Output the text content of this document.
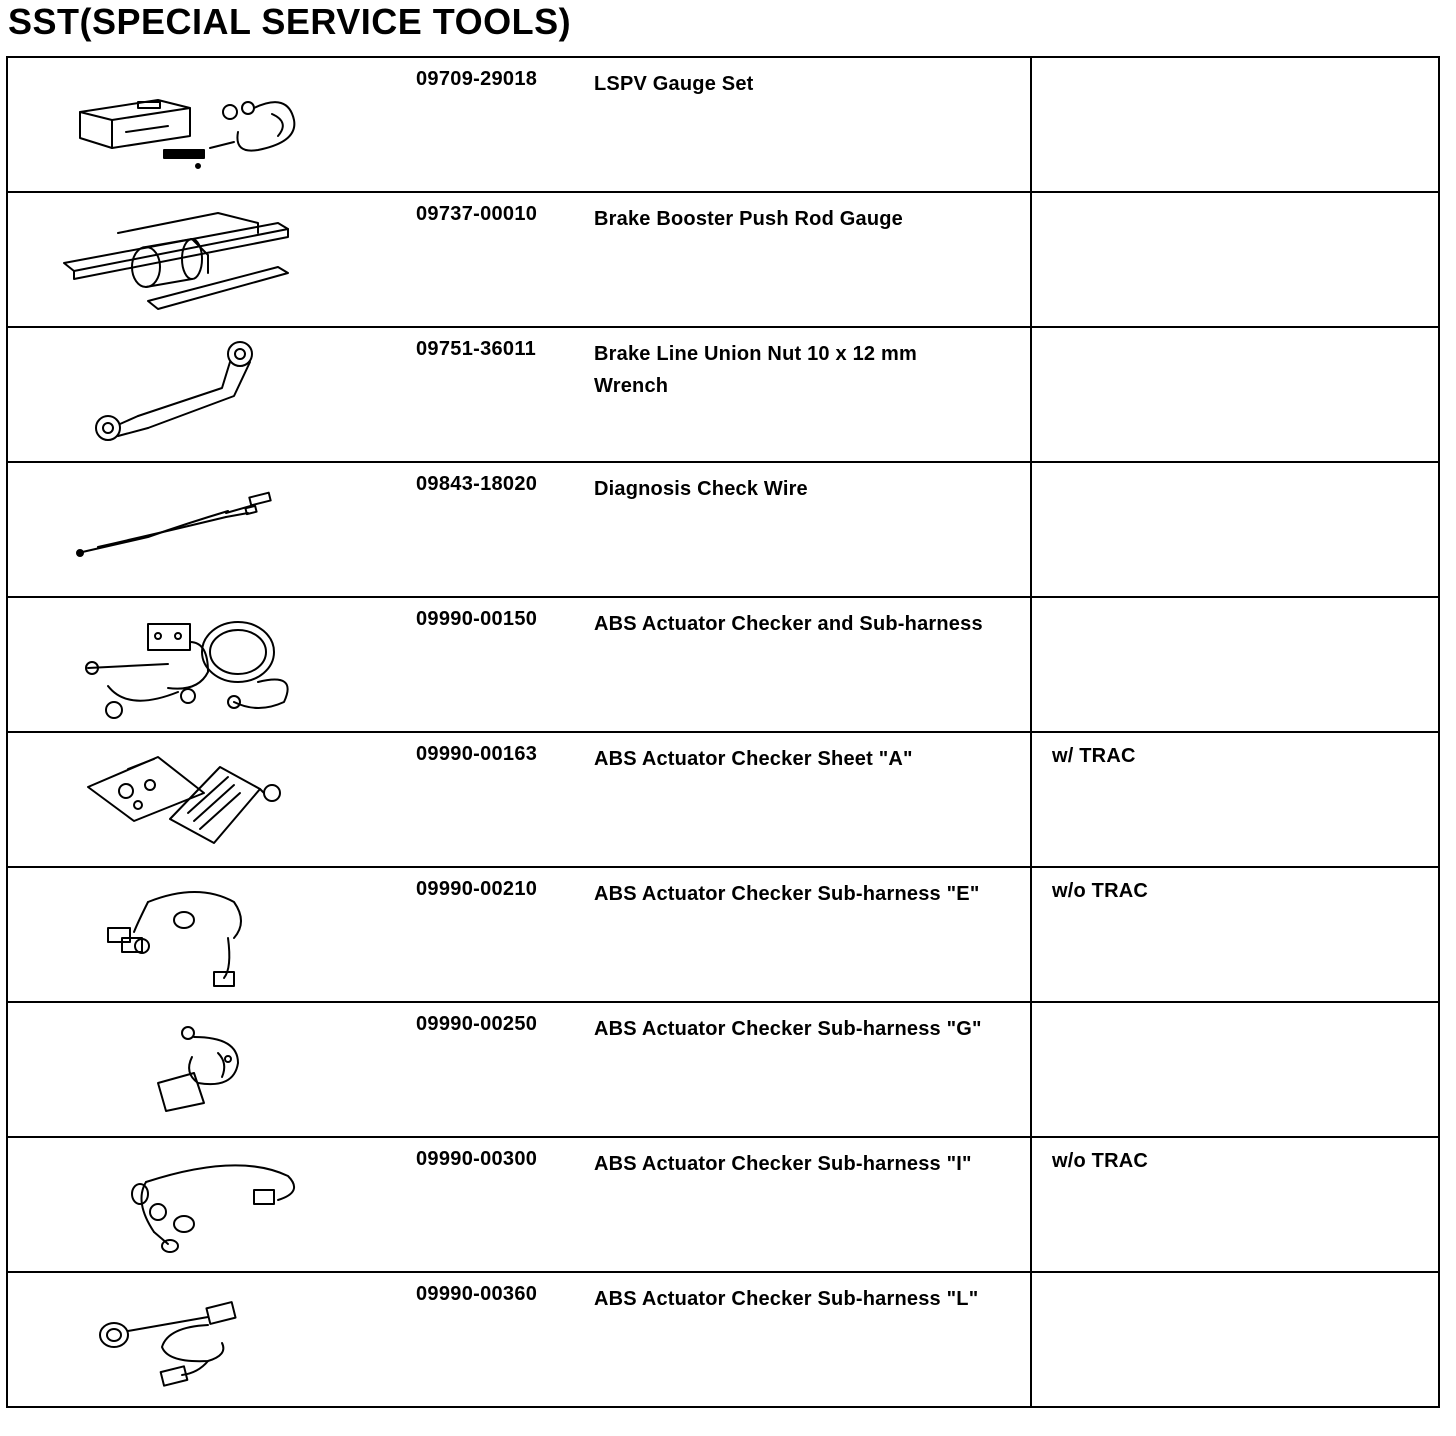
SST(SPECIAL SERVICE TOOLS)
09709-29018 LSPV Gauge Set	

09737-00010 Brake Booster Push Rod Gauge	

09751-36011 Brake Line Union Nut 10 x 12 mm Wrench	

09843-18020 Diagnosis Check Wire	

09990-00150 ABS Actuator Checker and Sub-harness	

09990-00163 ABS Actuator Checker Sheet "A"	w/ TRAC

09990-00210 ABS Actuator Checker Sub-harness "E"	w/o TRAC

09990-00250 ABS Actuator Checker Sub-harness "G"	

09990-00300 ABS Actuator Checker Sub-harness "I"	w/o TRAC

09990-00360 ABS Actuator Checker Sub-harness "L"	
